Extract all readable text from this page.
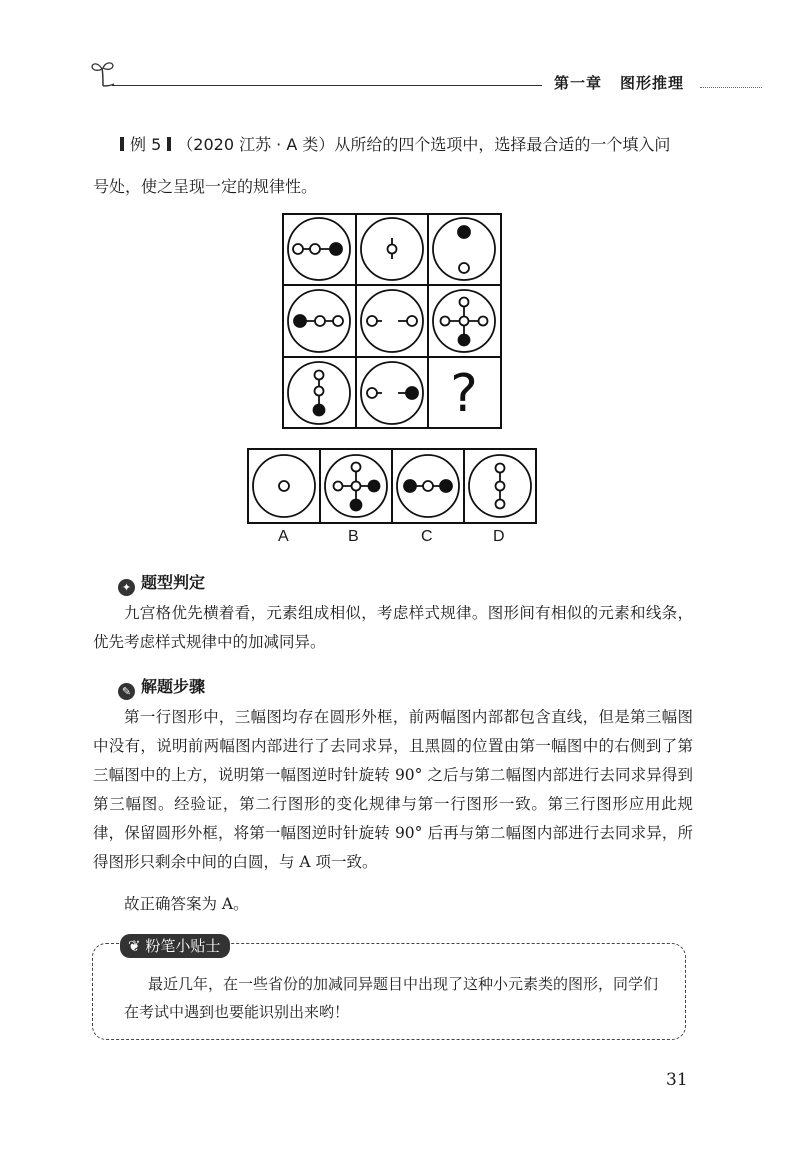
第一章 图形推理
例 5 （2020 江苏 · A 类）从所给的四个选项中，选择最合适的一个填入问
号处，使之呈现一定的规律性。
?
A	B	C	D
✦ 题型判定
九宫格优先横着看，元素组成相似，考虑样式规律。图形间有相似的元素和线条，优先考虑样式规律中的加减同异。
✎ 解题步骤
第一行图形中，三幅图均存在圆形外框，前两幅图内部都包含直线，但是第三幅图中没有，说明前两幅图内部进行了去同求异，且黑圆的位置由第一幅图中的右侧到了第三幅图中的上方，说明第一幅图逆时针旋转 90° 之后与第二幅图内部进行去同求异得到第三幅图。经验证，第二行图形的变化规律与第一行图形一致。第三行图形应用此规律，保留圆形外框，将第一幅图逆时针旋转 90° 后再与第二幅图内部进行去同求异，所得图形只剩余中间的白圆，与 A 项一致。
故正确答案为 A。
❦ 粉笔小贴士
最近几年，在一些省份的加减同异题目中出现了这种小元素类的图形，同学们
在考试中遇到也要能识别出来哟！
31
